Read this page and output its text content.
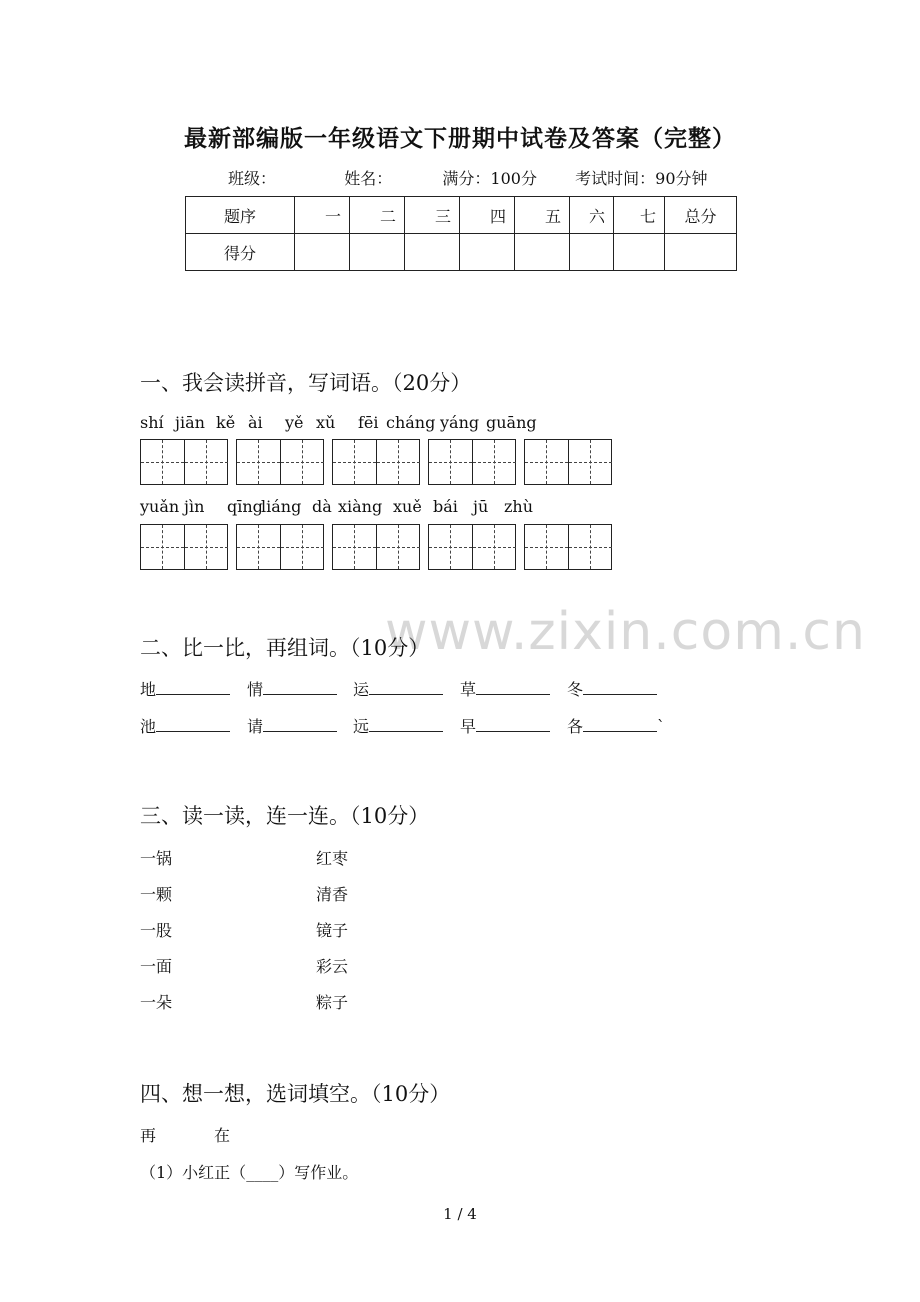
最新部编版一年级语文下册期中试卷及答案（完整）
班级：	姓名：	满分：100分 考试时间：90分钟
题序	一	二	三	四	五	六	七	总分
得分								
一、我会读拼音，写词语。（20分）
shí jiān kě ài yě xǔ fēi cháng yáng guāng
yuǎn jìn qīng
liáng dà xiàng xuě bái jū zhù
www.zixin.com.cn
二、比一比，再组词。（10分）
地	情	运	草	冬
池	请	远	早	各	`
三、读一读，连一连。（10分）
一锅	红枣
一颗	清香
一股	镜子
一面	彩云
一朵	粽子
四、想一想，选词填空。（10分）
再	在
（1）小红正（____）写作业。
1 / 4
